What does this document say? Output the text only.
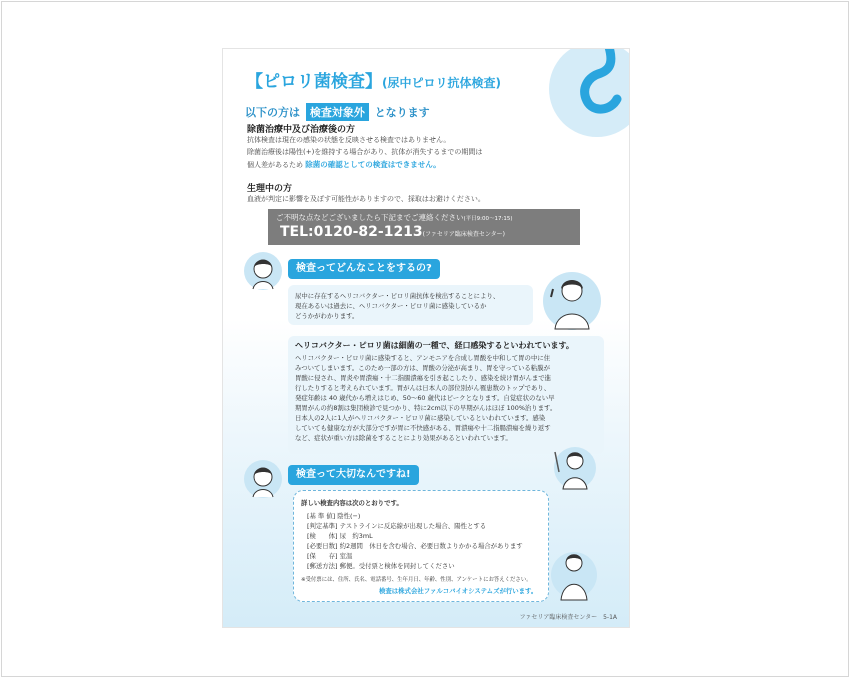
【ピロリ菌検査】(尿中ピロリ抗体検査)
以下の方は 検査対象外 となります
除菌治療中及び治療後の方
抗体検査は現在の感染の状態を反映させる検査ではありません。
除菌治療後は陽性(+)を維持する場合があり、抗体が消失するまでの期間は
個人差があるため 除菌の確認としての検査はできません。
生理中の方
血液が判定に影響を及ぼす可能性がありますので、採取はお避けください。
ご不明な点などございましたら下記までご連絡ください(平日9:00〜17:15)
TEL:0120-82-1213(ファセリア臨床検査センター)
検査ってどんなことをするの?
尿中に存在するヘリコバクター・ピロリ菌抗体を検出することにより、
現在あるいは過去に、ヘリコバクター・ピロリ菌に感染しているか
どうかがわかります。
ヘリコバクター・ピロリ菌は細菌の一種で、経口感染するといわれています。
ヘリコバクター・ピロリ菌に感染すると、アンモニアを合成し胃酸を中和して胃の中に住
みついてしまいます。このため一部の方は、胃酸の分泌が高まり、胃を守っている粘膜が
胃酸に侵され、胃炎や胃潰瘍・十二指腸潰瘍を引き起こしたり、感染を続け胃がんまで進
行したりすると考えられています。胃がんは日本人の部位別がん罹患数のトップであり、
発症年齢は 40 歳代から増えはじめ、50〜60 歳代はピークとなります。自覚症状のない早
期胃がんの約8割は集団検診で見つかり、特に2cm以下の早期がんはほぼ 100%治ります。
日本人の2人に1人がヘリコバクター・ピロリ菌に感染しているといわれています。感染
していても健康な方が大部分ですが胃に不快感がある、胃潰瘍や十二指腸潰瘍を繰り返す
など、症状が重い方は除菌をすることにより効果があるといわれています。
検査って大切なんですね!
詳しい検査内容は次のとおりです。
[基 準 値] 陰性(−)
[判定基準] テストラインに反応線が出現した場合、陽性とする
[検　　体] 尿　約3mL
[必要日数] 約2週間　休日を含む場合、必要日数よりかかる場合があります
[保　　存] 室温
[郵送方法] 郵便。受付票と検体を同封してください
※受付票には、住所、氏名、電話番号、生年月日、年齢、性別、アンケートにお答えください。
検査は株式会社ファルコバイオシステムズが行います。
ファセリア臨床検査センター　5-1A
